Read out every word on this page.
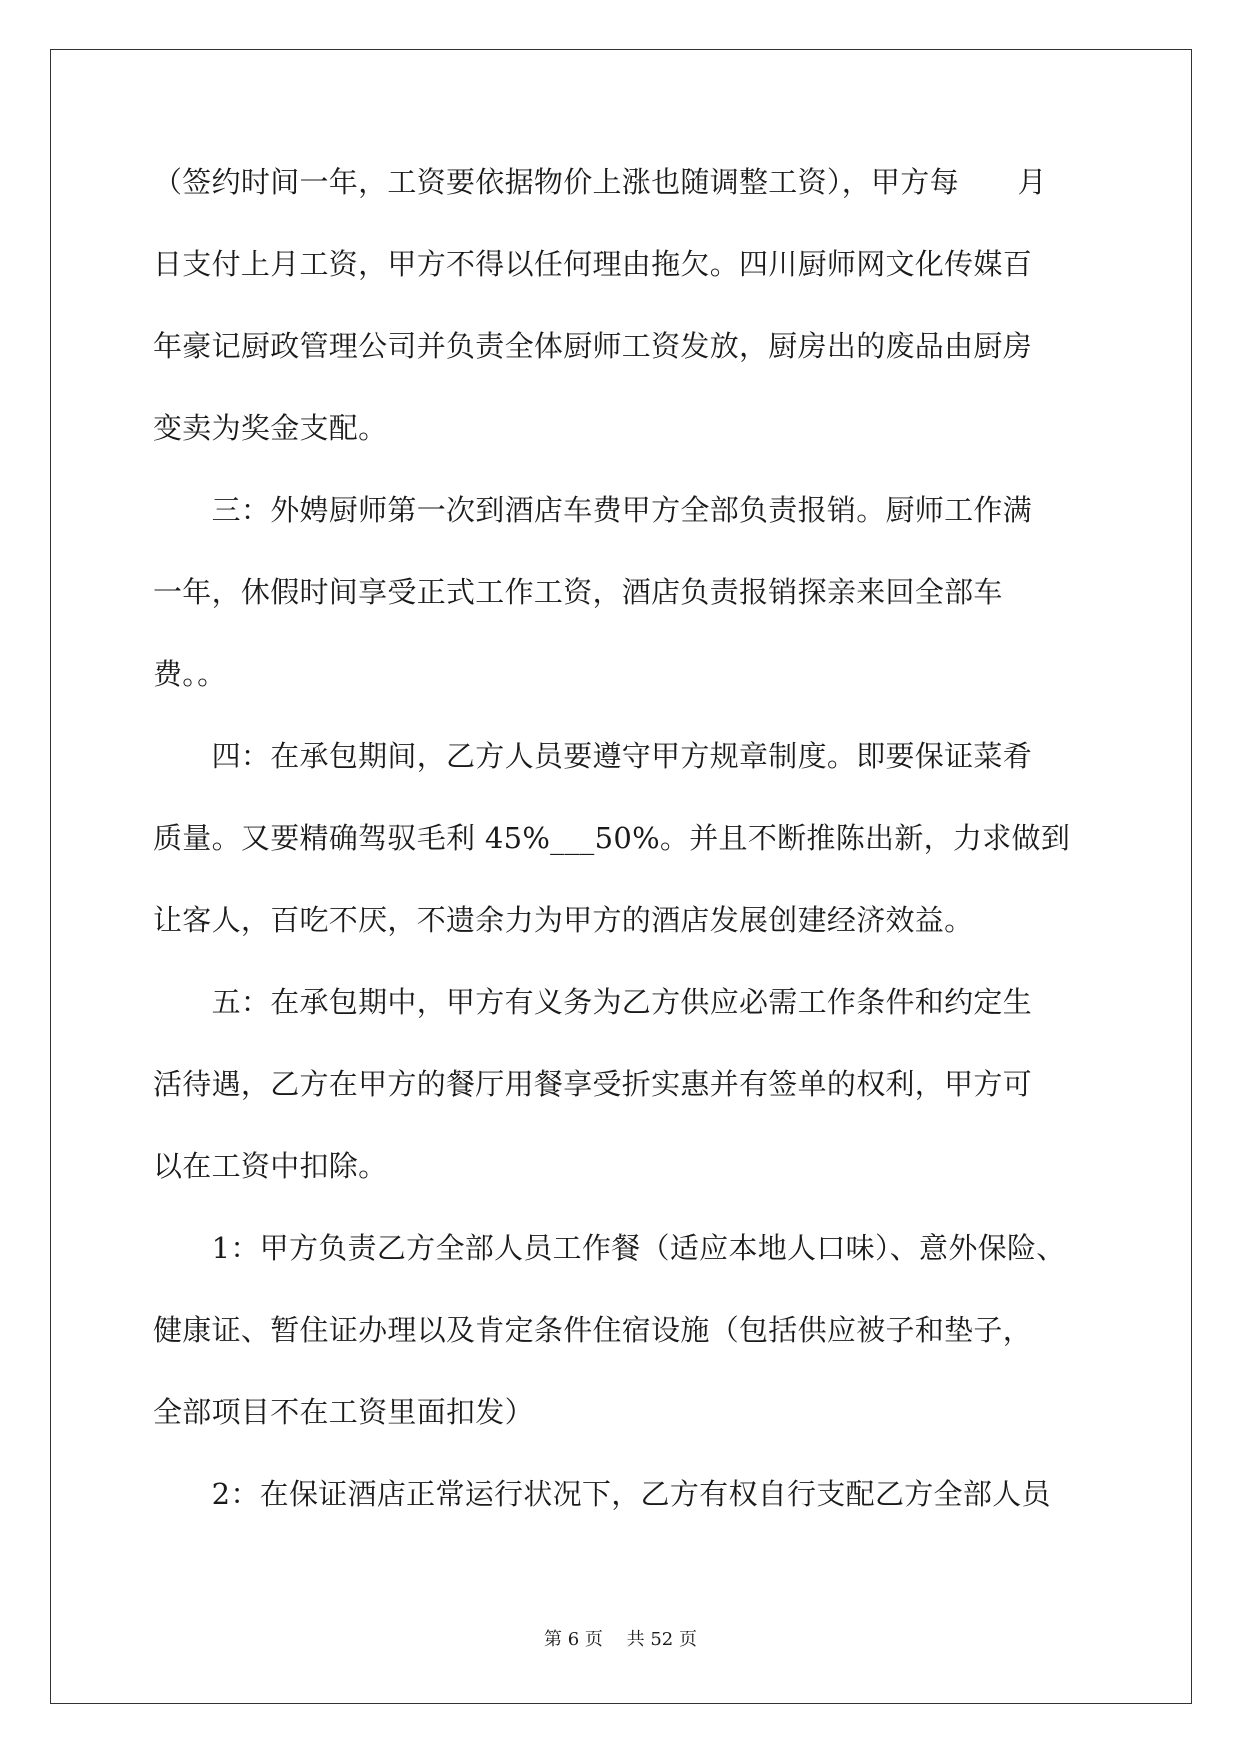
（签约时间一年，工资要依据物价上涨也随调整工资），甲方每　　月
日支付上月工资，甲方不得以任何理由拖欠。四川厨师网文化传媒百
年豪记厨政管理公司并负责全体厨师工资发放，厨房出的废品由厨房
变卖为奖金支配。
　　三：外娉厨师第一次到酒店车费甲方全部负责报销。厨师工作满
一年，休假时间享受正式工作工资，酒店负责报销探亲来回全部车
费。。
　　四：在承包期间，乙方人员要遵守甲方规章制度。即要保证菜肴
质量。又要精确驾驭毛利 45%___50%。并且不断推陈出新，力求做到
让客人，百吃不厌，不遗余力为甲方的酒店发展创建经济效益。
　　五：在承包期中，甲方有义务为乙方供应必需工作条件和约定生
活待遇，乙方在甲方的餐厅用餐享受折实惠并有签单的权利，甲方可
以在工资中扣除。
　　1：甲方负责乙方全部人员工作餐（适应本地人口味）、意外保险、
健康证、暂住证办理以及肯定条件住宿设施（包括供应被子和垫子，
全部项目不在工资里面扣发）
　　2：在保证酒店正常运行状况下，乙方有权自行支配乙方全部人员
第 6 页　 共 52 页
